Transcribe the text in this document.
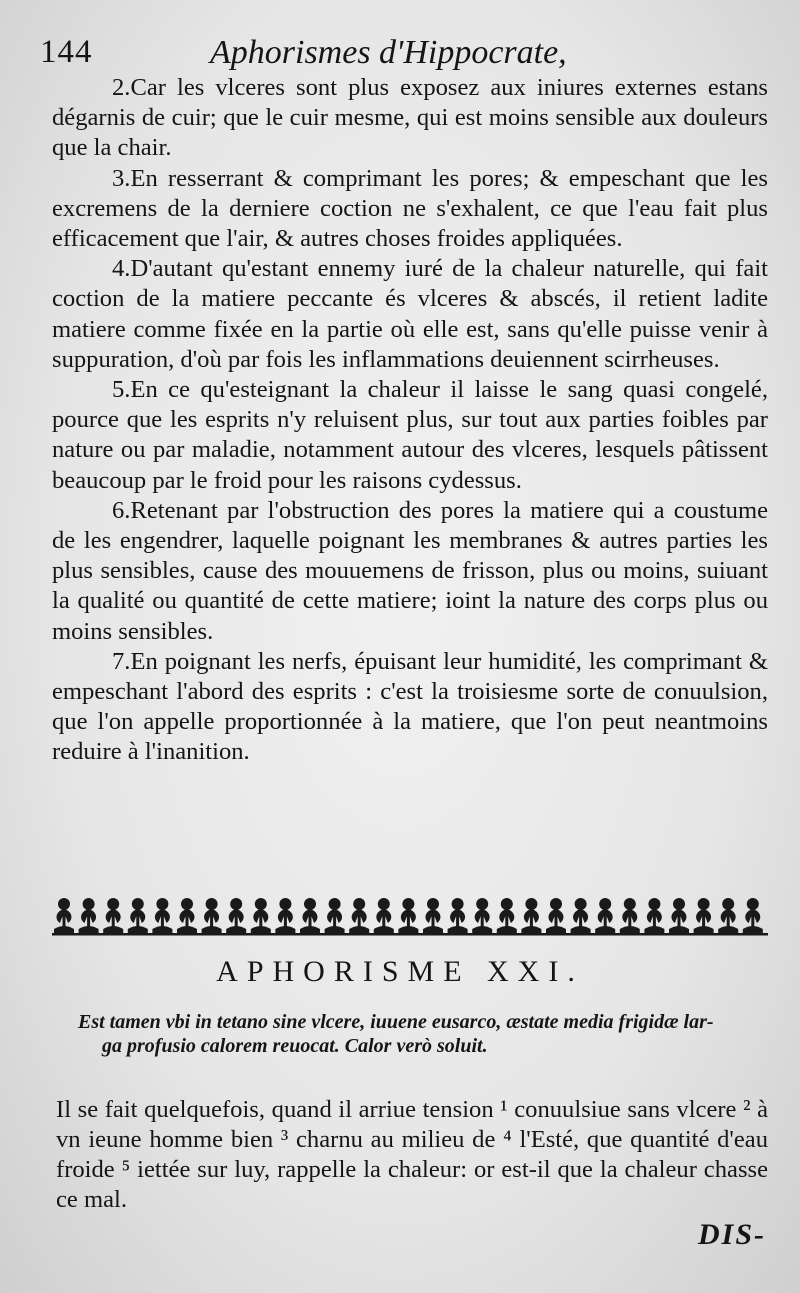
144	Aphorismes d'Hippocrate,

2.Car les vlceres sont plus exposez aux iniures externes estans dégarnis de cuir; que le cuir mesme, qui est moins sensible aux douleurs que la chair.

3.En resserrant & comprimant les pores; & empeschant que les excremens de la derniere coction ne s'exhalent, ce que l'eau fait plus efficacement que l'air, & autres choses froides appliquées.

4.D'autant qu'estant ennemy iuré de la chaleur naturelle, qui fait coction de la matiere peccante és vlceres & abscés, il retient ladite matiere comme fixée en la partie où elle est, sans qu'elle puisse venir à suppuration, d'où par fois les inflammations deuiennent scirrheuses.

5.En ce qu'esteignant la chaleur il laisse le sang quasi congelé, pource que les esprits n'y reluisent plus, sur tout aux parties foibles par nature ou par maladie, notamment autour des vlceres, lesquels pâtissent beaucoup par le froid pour les raisons cydessus.

6.Retenant par l'obstruction des pores la matiere qui a coustume de les engendrer, laquelle poignant les membranes & autres parties les plus sensibles, cause des mouuemens de frisson, plus ou moins, suiuant la qualité ou quantité de cette matiere; ioint la nature des corps plus ou moins sensibles.

7.En poignant les nerfs, épuisant leur humidité, les comprimant & empeschant l'abord des esprits : c'est la troisiesme sorte de conuulsion, que l'on appelle proportionnée à la matiere, que l'on peut neantmoins reduire à l'inanition.

APHORISME XXI.
Est tamen vbi in tetano sine vlcere, iuuene eusarco, æstate media frigidæ lar-
ga profusio calorem reuocat. Calor verò soluit.
Il se fait quelquefois, quand il arriue tension ¹ conuulsiue sans vlcere ² à vn ieune homme bien ³ charnu au milieu de ⁴ l'Esté, que quantité d'eau froide ⁵ iettée sur luy, rappelle la chaleur: or est-il que la chaleur chasse ce mal.
DIS-
